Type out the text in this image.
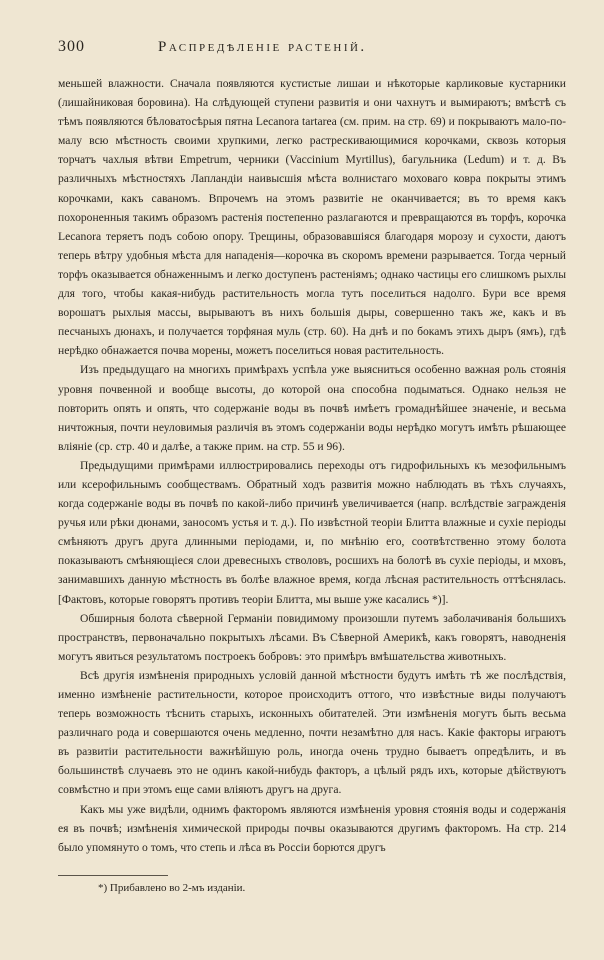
300	Распредѣленіе растеній.

меньшей влажности. Сначала появляются кустистые лишаи и нѣкоторые карликовые кустарники (лишайниковая боровина). На слѣдующей ступени развитія и они чахнутъ и вымираютъ; вмѣстѣ съ тѣмъ появляются бѣловатосѣрыя пятна Lecanora tartarea (см. прим. на стр. 69) и покрываютъ мало-по-малу всю мѣстность своими хрупкими, легко растрескивающимися корочками, сквозь которыя торчатъ чахлыя вѣтви Empetrum, черники (Vaccinium Myrtillus), багульника (Ledum) и т. д. Въ различныхъ мѣстностяхъ Лапландіи наивысшія мѣста волнистаго моховаго ковра покрыты этимъ корочками, какъ саваномъ. Впрочемъ на этомъ развитіе не оканчивается; въ то время какъ похороненныя такимъ образомъ растенія постепенно разлагаются и превращаются въ торфъ, корочка Lecanora теряетъ подъ собою опору. Трещины, образовавшіяся благодаря морозу и сухости, даютъ теперь вѣтру удобныя мѣста для нападенія—корочка въ скоромъ времени разрывается. Тогда черный торфъ оказывается обнаженнымъ и легко доступенъ растеніямъ; однако частицы его слишкомъ рыхлы для того, чтобы какая-нибудь растительность могла тутъ поселиться надолго. Бури все время ворошатъ рыхлыя массы, вырываютъ въ нихъ большія дыры, совершенно такъ же, какъ и въ песчаныхъ дюнахъ, и получается торфяная муль (стр. 60). На днѣ и по бокамъ этихъ дыръ (ямъ), гдѣ нерѣдко обнажается почва морены, можетъ поселиться новая растительность.

Изъ предыдущаго на многихъ примѣрахъ успѣла уже выясниться особенно важная роль стоянія уровня почвенной и вообще высоты, до которой она способна подыматься. Однако нельзя не повторить опять и опять, что содержаніе воды въ почвѣ имѣетъ громаднѣйшее значеніе, и весьма ничтожныя, почти неуловимыя различія въ этомъ содержаніи воды нерѣдко могутъ имѣть рѣшающее вліяніе (ср. стр. 40 и далѣе, а также прим. на стр. 55 и 96).

Предыдущими примѣрами иллюстрировались переходы отъ гидрофильныхъ къ мезофильнымъ или ксерофильнымъ сообществамъ. Обратный ходъ развитія можно наблюдать въ тѣхъ случаяхъ, когда содержаніе воды въ почвѣ по какой-либо причинѣ увеличивается (напр. вслѣдствіе загражденія ручья или рѣки дюнами, заносомъ устья и т. д.). По извѣстной теоріи Блитта влажные и сухіе періоды смѣняютъ другъ друга длинными періодами, и, по мнѣнію его, соотвѣтственно этому болота показываютъ смѣняющіеся слои древесныхъ стволовъ, росшихъ на болотѣ въ сухіе періоды, и мховъ, занимавшихъ данную мѣстность въ болѣе влажное время, когда лѣсная растительность оттѣснялась. [Фактовъ, которые говорятъ противъ теоріи Блитта, мы выше уже касались *)].

Обширныя болота сѣверной Германіи повидимому произошли путемъ заболачиванія большихъ пространствъ, первоначально покрытыхъ лѣсами. Въ Сѣверной Америкѣ, какъ говорятъ, наводненія могутъ явиться результатомъ построекъ бобровъ: это примѣръ вмѣшательства животныхъ.

Всѣ другія измѣненія природныхъ условій данной мѣстности будутъ имѣть тѣ же послѣдствія, именно измѣненіе растительности, которое происходитъ оттого, что извѣстные виды получаютъ теперь возможность тѣснить старыхъ, исконныхъ обитателей. Эти измѣненія могутъ быть весьма различнаго рода и совершаются очень медленно, почти незамѣтно для насъ. Какіе факторы играютъ въ развитіи растительности важнѣйшую роль, иногда очень трудно бываетъ опредѣлить, и въ большинствѣ случаевъ это не одинъ какой-нибудь факторъ, а цѣлый рядъ ихъ, которые дѣйствуютъ совмѣстно и при этомъ еще сами вліяютъ другъ на друга.

Какъ мы уже видѣли, однимъ факторомъ являются измѣненія уровня стоянія воды и содержанія ея въ почвѣ; измѣненія химической природы почвы оказываются другимъ факторомъ. На стр. 214 было упомянуто о томъ, что степь и лѣса въ Россіи борются другъ

*) Прибавлено во 2-мъ изданіи.
